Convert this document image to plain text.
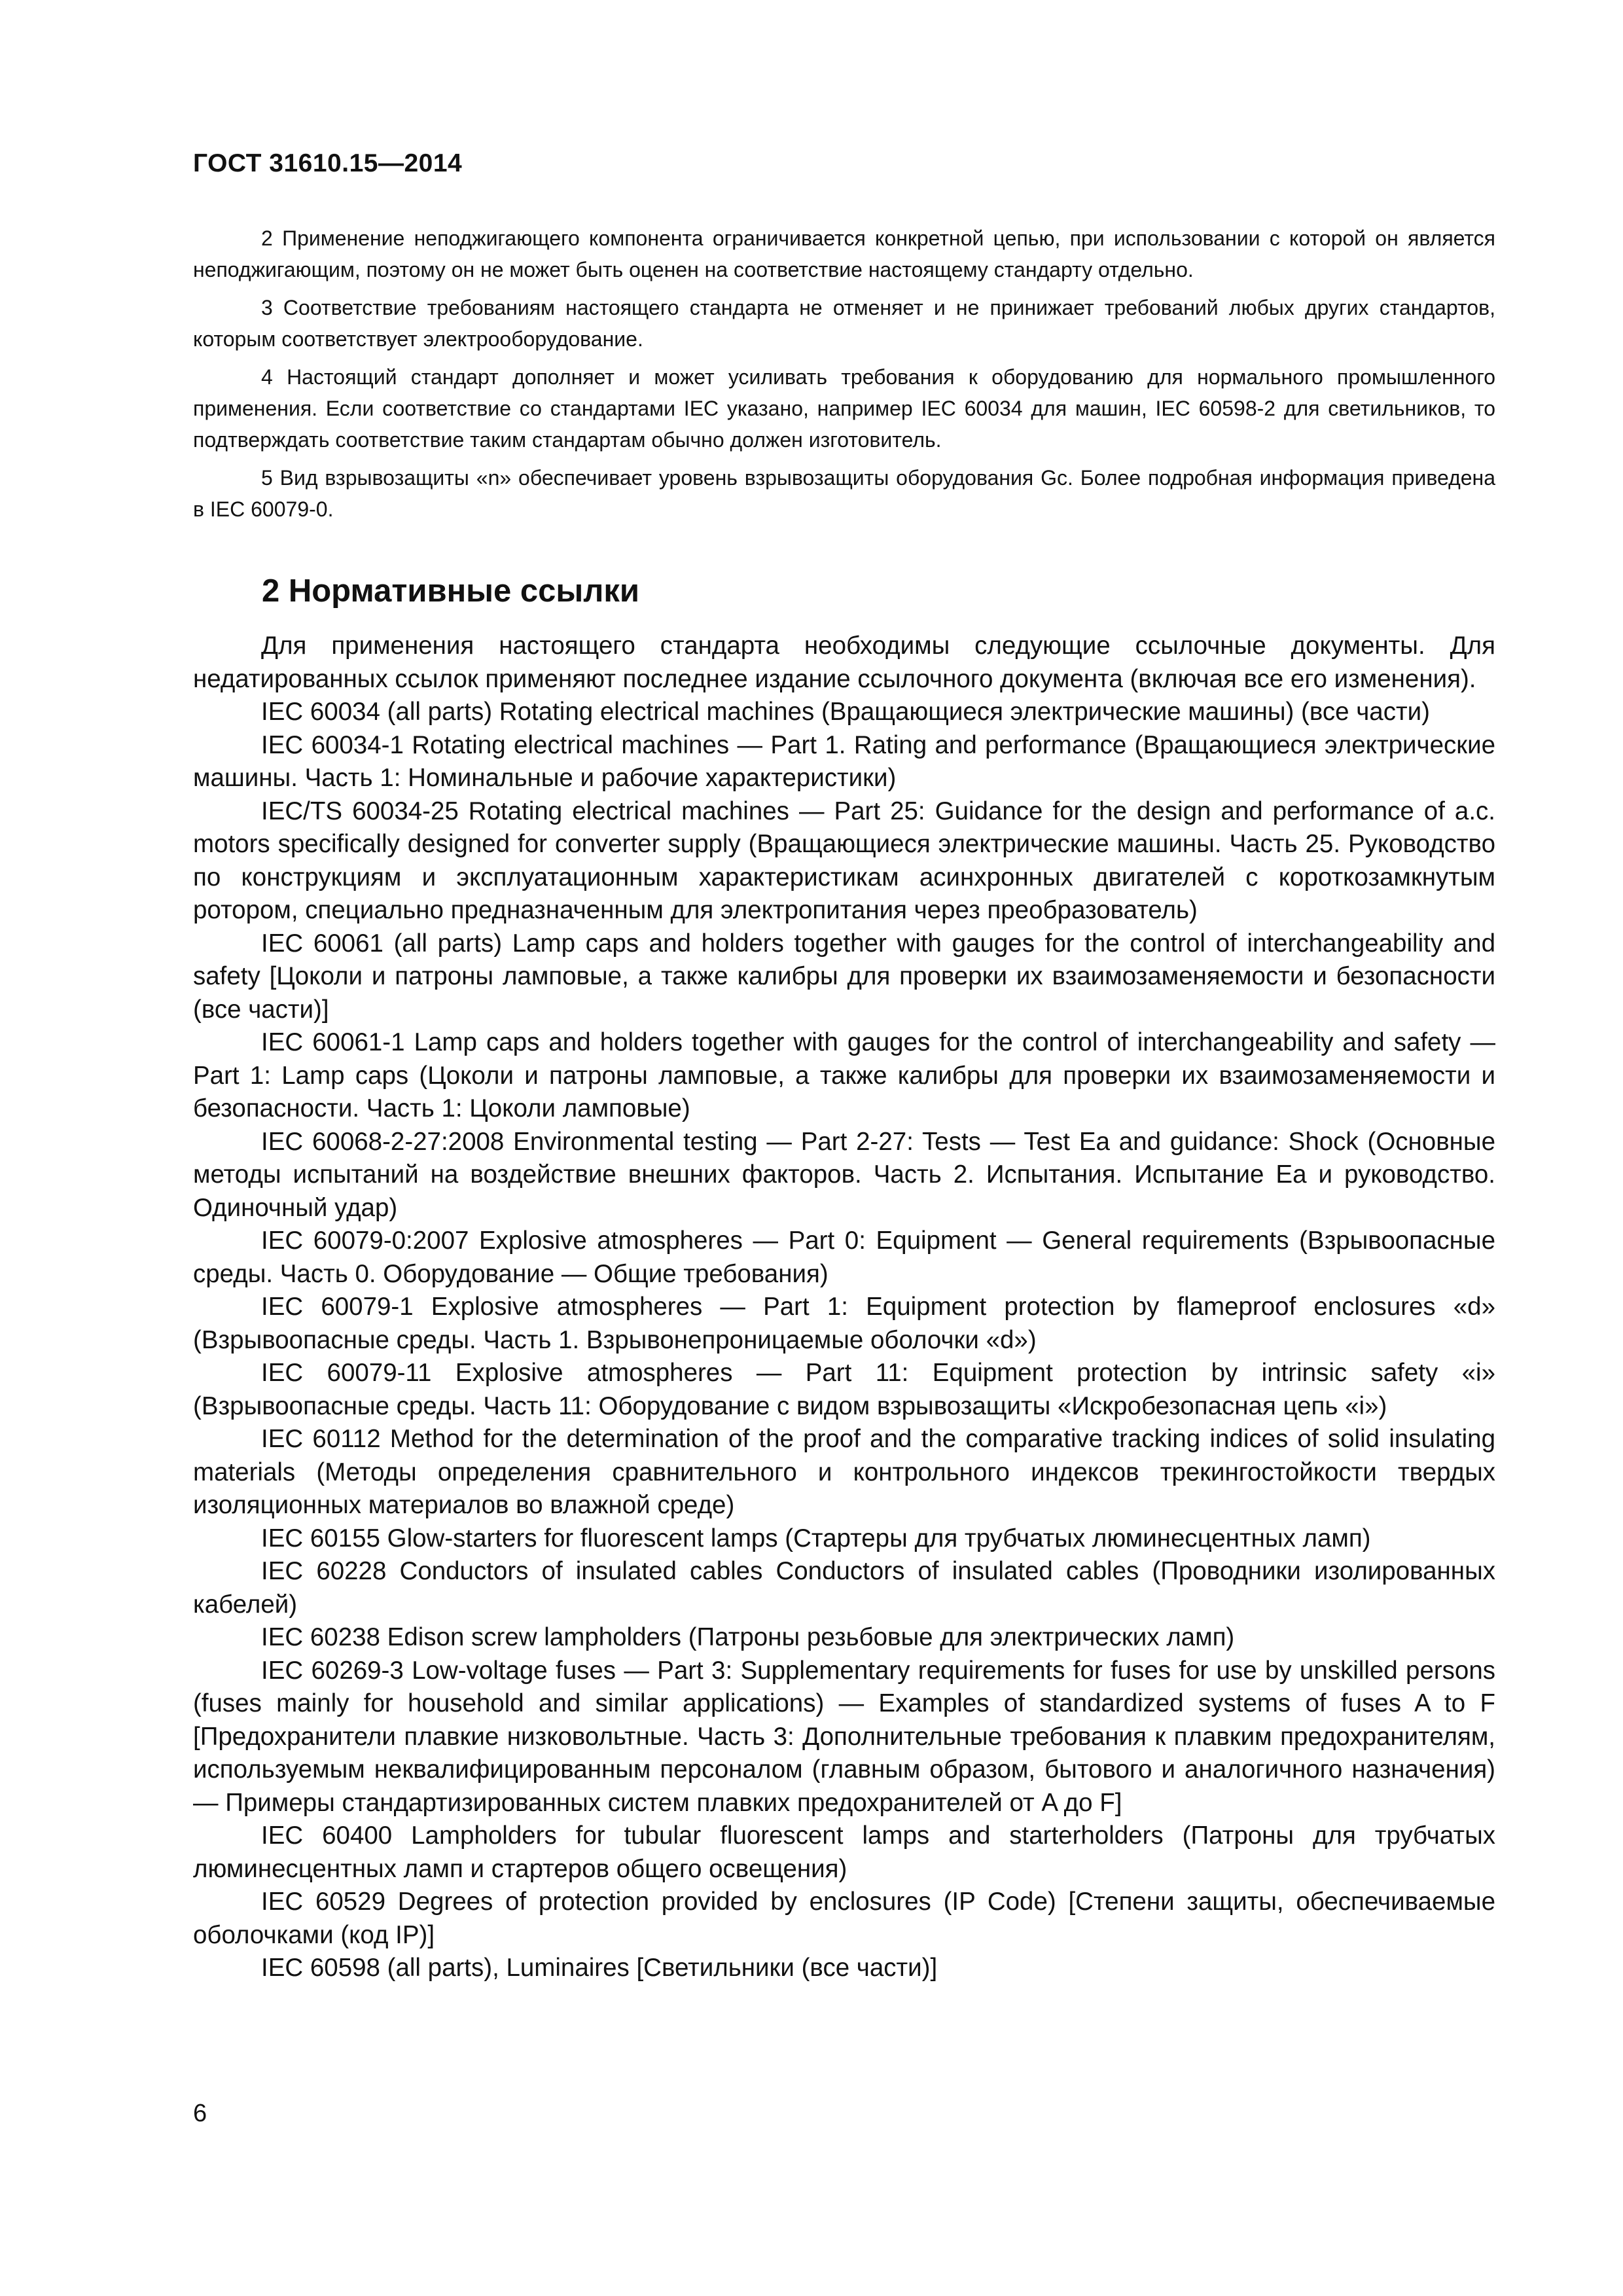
ГОСТ 31610.15—2014

2 Применение неподжигающего компонента ограничивается конкретной цепью, при использовании с которой он является неподжигающим, поэтому он не может быть оценен на соответствие настоящему стандарту отдельно.

3 Соответствие требованиям настоящего стандарта не отменяет и не принижает требований любых других стандартов, которым соответствует электрооборудование.

4 Настоящий стандарт дополняет и может усиливать требования к оборудованию для нормального промышленного применения. Если соответствие со стандартами IEC указано, например IEC 60034 для машин, IEC 60598-2 для светильников, то подтверждать соответствие таким стандартам обычно должен изготовитель.

5 Вид взрывозащиты «n» обеспечивает уровень взрывозащиты оборудования Gc. Более подробная информация приведена в IEC 60079-0.

2 Нормативные ссылки

Для применения настоящего стандарта необходимы следующие ссылочные документы. Для недатированных ссылок применяют последнее издание ссылочного документа (включая все его изменения).

IEC 60034 (all parts) Rotating electrical machines (Вращающиеся электрические машины) (все части)

IEC 60034-1 Rotating electrical machines — Part 1. Rating and performance (Вращающиеся электрические машины. Часть 1: Номинальные и рабочие характеристики)

IEC/TS 60034-25 Rotating electrical machines — Part 25: Guidance for the design and performance of a.c. motors specifically designed for converter supply (Вращающиеся электрические машины. Часть 25. Руководство по конструкциям и эксплуатационным характеристикам асинхронных двигателей с короткозамкнутым ротором, специально предназначенным для электропитания через преобразователь)

IEC 60061 (all parts) Lamp caps and holders together with gauges for the control of interchangeability and safety [Цоколи и патроны ламповые, а также калибры для проверки их взаимозаменяемости и безопасности (все части)]

IEC 60061-1 Lamp caps and holders together with gauges for the control of interchangeability and safety — Part 1: Lamp caps (Цоколи и патроны ламповые, а также калибры для проверки их взаимозаменяемости и безопасности. Часть 1: Цоколи ламповые)

IEC 60068-2-27:2008 Environmental testing — Part 2-27: Tests — Test Ea and guidance: Shock (Основные методы испытаний на воздействие внешних факторов. Часть 2. Испытания. Испытание Ea и руководство. Одиночный удар)

IEC 60079-0:2007 Explosive atmospheres — Part 0: Equipment — General requirements (Взрывоопасные среды. Часть 0. Оборудование — Общие требования)

IEC 60079-1 Explosive atmospheres — Part 1: Equipment protection by flameproof enclosures «d» (Взрывоопасные среды. Часть 1. Взрывонепроницаемые оболочки «d»)

IEC 60079-11 Explosive atmospheres — Part 11: Equipment protection by intrinsic safety «i» (Взрывоопасные среды. Часть 11: Оборудование с видом взрывозащиты «Искробезопасная цепь «i»)

IEC 60112 Method for the determination of the proof and the comparative tracking indices of solid insulating materials (Методы определения сравнительного и контрольного индексов трекингостойкости твердых изоляционных материалов во влажной среде)

IEC 60155 Glow-starters for fluorescent lamps (Стартеры для трубчатых люминесцентных ламп)

IEC 60228 Conductors of insulated cables Conductors of insulated cables (Проводники изолированных кабелей)

IEC 60238 Edison screw lampholders (Патроны резьбовые для электрических ламп)

IEC 60269-3 Low-voltage fuses — Part 3: Supplementary requirements for fuses for use by unskilled persons (fuses mainly for household and similar applications) — Examples of standardized systems of fuses A to F [Предохранители плавкие низковольтные. Часть 3: Дополнительные требования к плавким предохранителям, используемым неквалифицированным персоналом (главным образом, бытового и аналогичного назначения) — Примеры стандартизированных систем плавких предохранителей от A до F]

IEC 60400 Lampholders for tubular fluorescent lamps and starterholders (Патроны для трубчатых люминесцентных ламп и стартеров общего освещения)

IEC 60529 Degrees of protection provided by enclosures (IP Code) [Степени защиты, обеспечиваемые оболочками (код IP)]

IEC 60598 (all parts), Luminaires [Светильники (все части)]

6
